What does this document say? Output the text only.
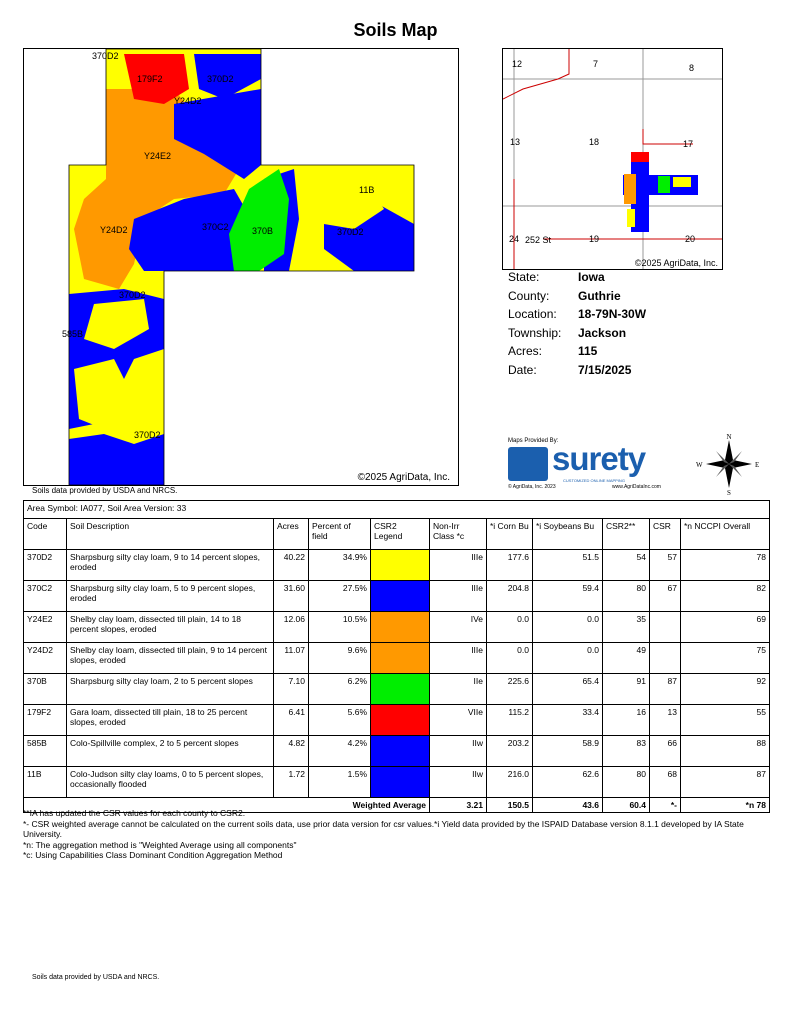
Soils Map
370D2
179F2	370D2
Y24D2
Y24E2
11B
Y24D2	370C2	370B	370D2
370D2
585B
370D2
©2025 AgriData, Inc.
Soils data provided by USDA and NRCS.
12	7	8
13	18	17
24 252 St	19	20
©2025 AgriData, Inc.
State:	Iowa
County:	Guthrie
Location:	18-79N-30W
Township:	Jackson
Acres:	115
Date:	7/15/2025
Maps Provided By:
surety
CUSTOMIZED ONLINE MAPPING
© AgriData, Inc. 2023	www.AgriDataInc.com
N
S
W	E
Area Symbol: IA077, Soil Area Version: 33										
Code	Soil Description	Acres	Percent of field	CSR2 Legend	Non-Irr Class *c	*i Corn Bu	*i Soybeans Bu	CSR2**	CSR	*n NCCPI Overall
370D2	Sharpsburg silty clay loam, 9 to 14 percent slopes, eroded	40.22	34.9%		IIIe	177.6	51.5	54	57	78
370C2	Sharpsburg silty clay loam, 5 to 9 percent slopes, eroded	31.60	27.5%		IIIe	204.8	59.4	80	67	82
Y24E2	Shelby clay loam, dissected till plain, 14 to 18 percent slopes, eroded	12.06	10.5%		IVe	0.0	0.0	35		69
Y24D2	Shelby clay loam, dissected till plain, 9 to 14 percent slopes, eroded	11.07	9.6%		IIIe	0.0	0.0	49		75
370B	Sharpsburg silty clay loam, 2 to 5 percent slopes	7.10	6.2%		IIe	225.6	65.4	91	87	92
179F2	Gara loam, dissected till plain, 18 to 25 percent slopes, eroded	6.41	5.6%		VIIe	115.2	33.4	16	13	55
585B	Colo-Spillville complex, 2 to 5 percent slopes	4.82	4.2%		IIw	203.2	58.9	83	66	88
11B	Colo-Judson silty clay loams, 0 to 5 percent slopes, occasionally flooded	1.72	1.5%		IIw	216.0	62.6	80	68	87
Weighted Average					3.21	150.5	43.6	60.4	*-	*n 78
**IA has updated the CSR values for each county to CSR2.
*- CSR weighted average cannot be calculated on the current soils data, use prior data version for csr values.*i Yield data provided by the ISPAID Database version 8.1.1 developed by IA State University.
*n: The aggregation method is "Weighted Average using all components"
*c: Using Capabilities Class Dominant Condition Aggregation Method
Soils data provided by USDA and NRCS.
